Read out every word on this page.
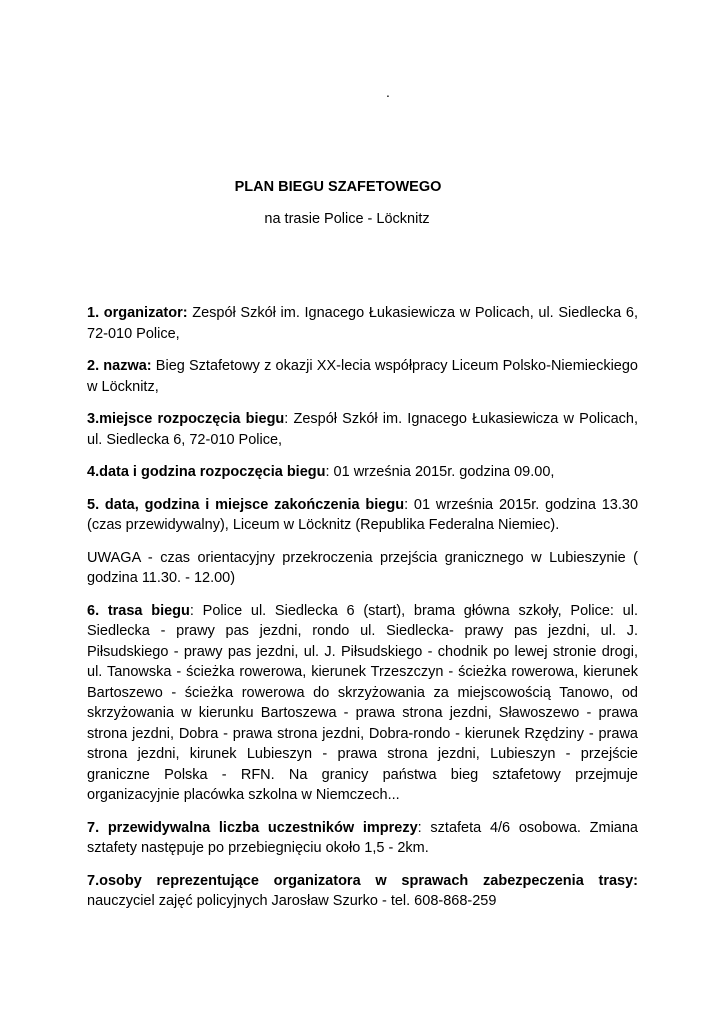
.
PLAN BIEGU SZAFETOWEGO
na trasie Police - Löcknitz

1. organizator: Zespół Szkół im. Ignacego Łukasiewicza w Policach, ul. Siedlecka 6, 72-010 Police,

2. nazwa: Bieg Sztafetowy z okazji XX-lecia współpracy Liceum Polsko-Niemieckiego w Löcknitz,

3.miejsce rozpoczęcia biegu: Zespół Szkół im. Ignacego Łukasiewicza w Policach, ul. Siedlecka 6, 72-010 Police,

4.data i godzina rozpoczęcia biegu: 01 września 2015r. godzina 09.00,

5. data, godzina i miejsce zakończenia biegu: 01 września 2015r. godzina 13.30 (czas przewidywalny), Liceum w Löcknitz (Republika Federalna Niemiec).

UWAGA - czas orientacyjny przekroczenia przejścia granicznego w Lubieszynie ( godzina 11.30. - 12.00)

6. trasa biegu: Police ul. Siedlecka 6 (start), brama główna szkoły, Police: ul. Siedlecka - prawy pas jezdni, rondo ul. Siedlecka- prawy pas jezdni, ul. J. Piłsudskiego - prawy pas jezdni, ul. J. Piłsudskiego - chodnik po lewej stronie drogi, ul. Tanowska - ścieżka rowerowa, kierunek Trzeszczyn - ścieżka rowerowa, kierunek Bartoszewo - ścieżka rowerowa do skrzyżowania za miejscowością Tanowo, od skrzyżowania w kierunku Bartoszewa - prawa strona jezdni, Sławoszewo - prawa strona jezdni, Dobra - prawa strona jezdni, Dobra-rondo - kierunek Rzędziny - prawa strona jezdni, kirunek Lubieszyn - prawa strona jezdni, Lubieszyn - przejście graniczne Polska - RFN. Na granicy państwa bieg sztafetowy przejmuje organizacyjnie placówka szkolna w Niemczech...

7. przewidywalna liczba uczestników imprezy: sztafeta 4/6 osobowa. Zmiana sztafety następuje po przebiegnięciu około 1,5 - 2km.

7.osoby reprezentujące organizatora w sprawach zabezpeczenia trasy: nauczyciel zajęć policyjnych Jarosław Szurko - tel. 608-868-259
